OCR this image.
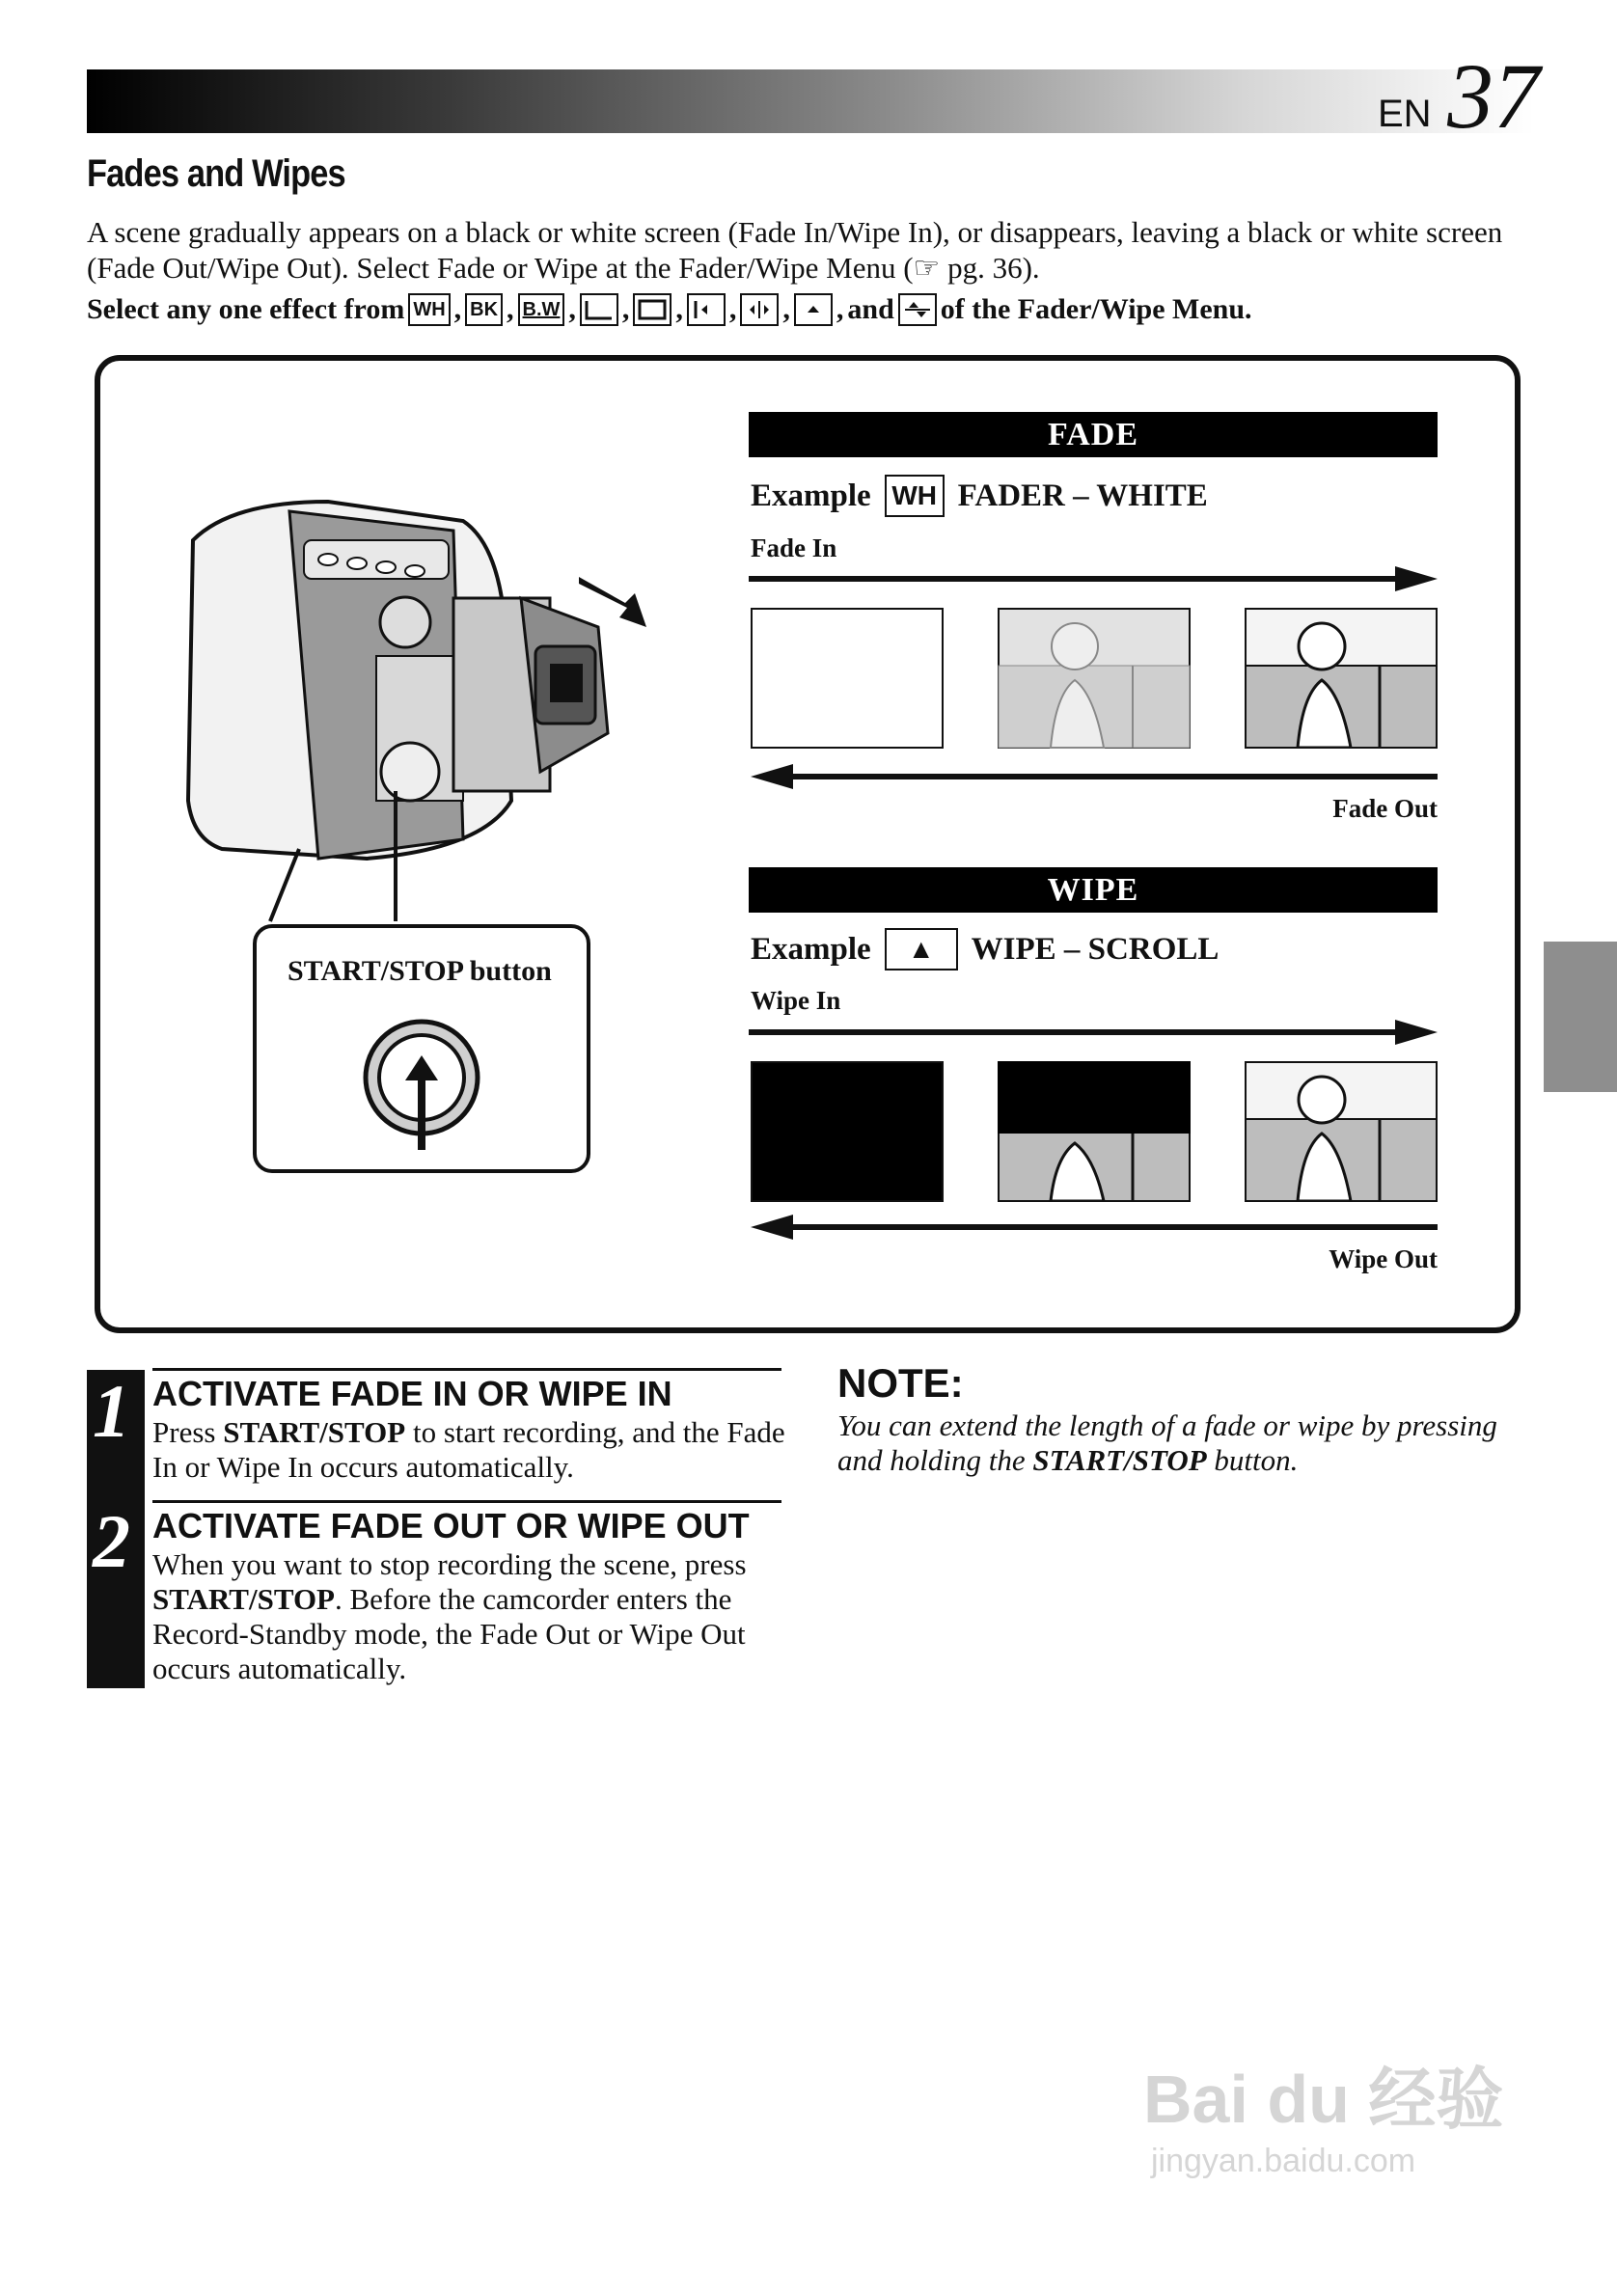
EN 37
Fades and Wipes
A scene gradually appears on a black or white screen (Fade In/Wipe In), or disappears, leaving a black or white screen (Fade Out/Wipe Out). Select Fade or Wipe at the Fader/Wipe Menu (☞ pg. 36).
Select any one effect from WH , BK , B.W , , , , , , and of the Fader/Wipe Menu.
START/STOP button
FADE
Example WH FADER – WHITE
Fade In
Fade Out
WIPE
Example	▲	WIPE – SCROLL
Wipe In
Wipe Out
1
2
ACTIVATE FADE IN OR WIPE IN
Press START/STOP to start recording, and the Fade In or Wipe In occurs automatically.
ACTIVATE FADE OUT OR WIPE OUT
When you want to stop recording the scene, press START/STOP. Before the camcorder enters the Record-Standby mode, the Fade Out or Wipe Out occurs automatically.
NOTE:
You can extend the length of a fade or wipe by pressing and holding the START/STOP button.
Bai du 经验
jingyan.baidu.com
